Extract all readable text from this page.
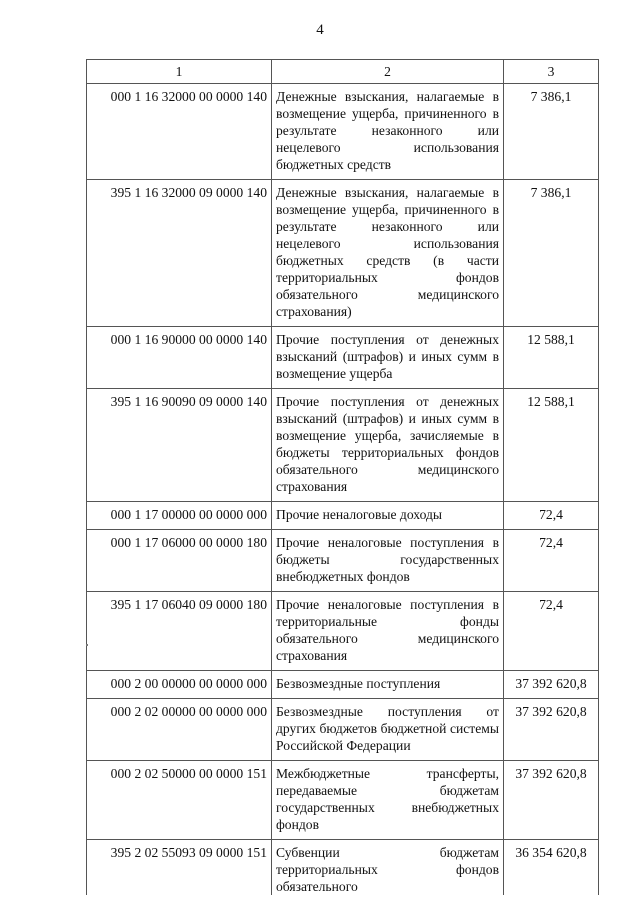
4
1	2	3
000 1 16 32000 00 0000 140	Денежные взыскания, налагаемые в возмещение ущерба, причиненного в результате незаконного или нецелевого использования бюджетных средств	7 386,1
395 1 16 32000 09 0000 140	Денежные взыскания, налагаемые в возмещение ущерба, причиненного в результате незаконного или нецелевого использования бюджетных средств (в части территориальных фондов обязательного медицинского страхования)	7 386,1
000 1 16 90000 00 0000 140	Прочие поступления от денежных взысканий (штрафов) и иных сумм в возмещение ущерба	12 588,1
395 1 16 90090 09 0000 140	Прочие поступления от денежных взысканий (штрафов) и иных сумм в возмещение ущерба, зачисляемые в бюджеты территориальных фондов обязательного медицинского страхования	12 588,1
000 1 17 00000 00 0000 000	Прочие неналоговые доходы	72,4
000 1 17 06000 00 0000 180	Прочие неналоговые поступления в бюджеты государственных внебюджетных фондов	72,4
395 1 17 06040 09 0000 180	Прочие неналоговые поступления в территориальные фонды обязательного медицинского страхования	72,4
000 2 00 00000 00 0000 000	Безвозмездные поступления	37 392 620,8
000 2 02 00000 00 0000 000	Безвозмездные поступления от других бюджетов бюджетной системы Российской Федерации	37 392 620,8
000 2 02 50000 00 0000 151	Межбюджетные трансферты, передаваемые бюджетам государственных внебюджетных фондов	37 392 620,8
395 2 02 55093 09 0000 151	Субвенции бюджетам территориальных фондов обязательного	36 354 620,8
